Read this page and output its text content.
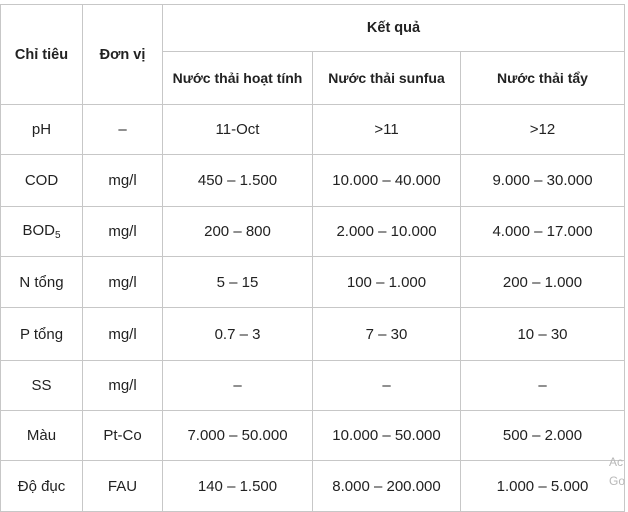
Chỉ tiêu	Đơn vị	Kết quả		
		Nước thải hoạt tính	Nước thải sunfua	Nước thải tẩy
pH	–	11-Oct	>11	>12
COD	mg/l	450 – 1.500	10.000 – 40.000	9.000 – 30.000
$BOD_5$	mg/l	200 – 800	2.000 – 10.000	4.000 – 17.000
N tổng	mg/l	5 – 15	100 – 1.000	200 – 1.000
P tổng	mg/l	0.7 – 3	7 – 30	10 – 30
SS	mg/l	–	–	–
Màu	Pt-Co	7.000 – 50.000	10.000 – 50.000	500 – 2.000
Độ đục	FAU	140 – 1.500	8.000 – 200.000	1.000 – 5.000
Ac
Go
